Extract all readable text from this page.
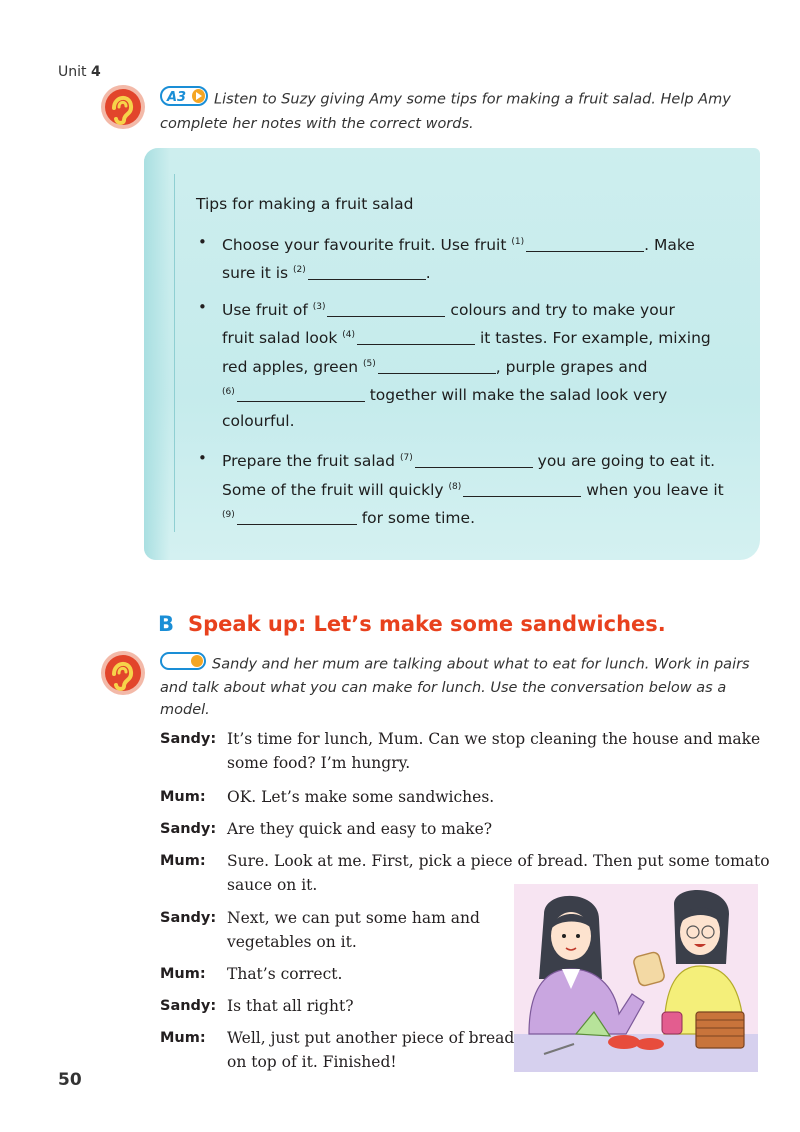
Unit 4
A3 Listen to Suzy giving Amy some tips for making a fruit salad. Help Amy
complete her notes with the correct words.
Tips for making a fruit salad
• Choose your favourite fruit. Use fruit $^{(1)}$	. Make
sure it is $^{(2)}$	.
• Use fruit of $^{(3)}$	colours and try to make your
fruit salad look $^{(4)}$	it tastes. For example, mixing
red apples, green $^{(5)}$	, purple grapes and
$^{(6)}$	together will make the salad look very
colourful.
• Prepare the fruit salad $^{(7)}$	you are going to eat it.
Some of the fruit will quickly $^{(8)}$	when you leave it
$^{(9)}$	for some time.
B Speak up: Let’s make some sandwiches.
Sandy and her mum are talking about what to eat for lunch. Work in pairs
and talk about what you can make for lunch. Use the conversation below as a
model.
Sandy: It’s time for lunch, Mum. Can we stop cleaning the house and make
some food? I’m hungry.
Mum: OK. Let’s make some sandwiches.
Sandy: Are they quick and easy to make?
Mum: Sure. Look at me. First, pick a piece of bread. Then put some tomato
sauce on it.
Sandy: Next, we can put some ham and
vegetables on it.
Mum: That’s correct.
Sandy: Is that all right?
Mum: Well, just put another piece of bread
on top of it. Finished!
50
